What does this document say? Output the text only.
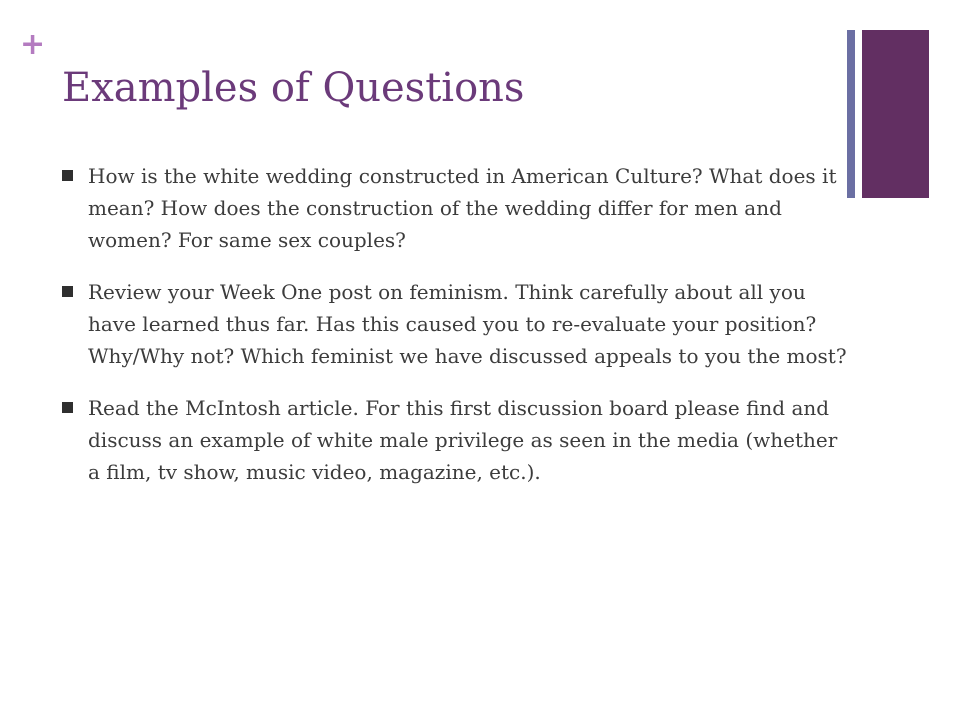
+
Examples of Questions
How is the white wedding constructed in American Culture? What does it mean? How does the construction of the wedding differ for men and women? For same sex couples?
Review your Week One post on feminism. Think carefully about all you have learned thus far. Has this caused you to re-evaluate your position? Why/Why not? Which feminist we have discussed appeals to you the most?
Read the McIntosh article. For this first discussion board please find and discuss an example of white male privilege as seen in the media (whether a film, tv show, music video, magazine, etc.).
